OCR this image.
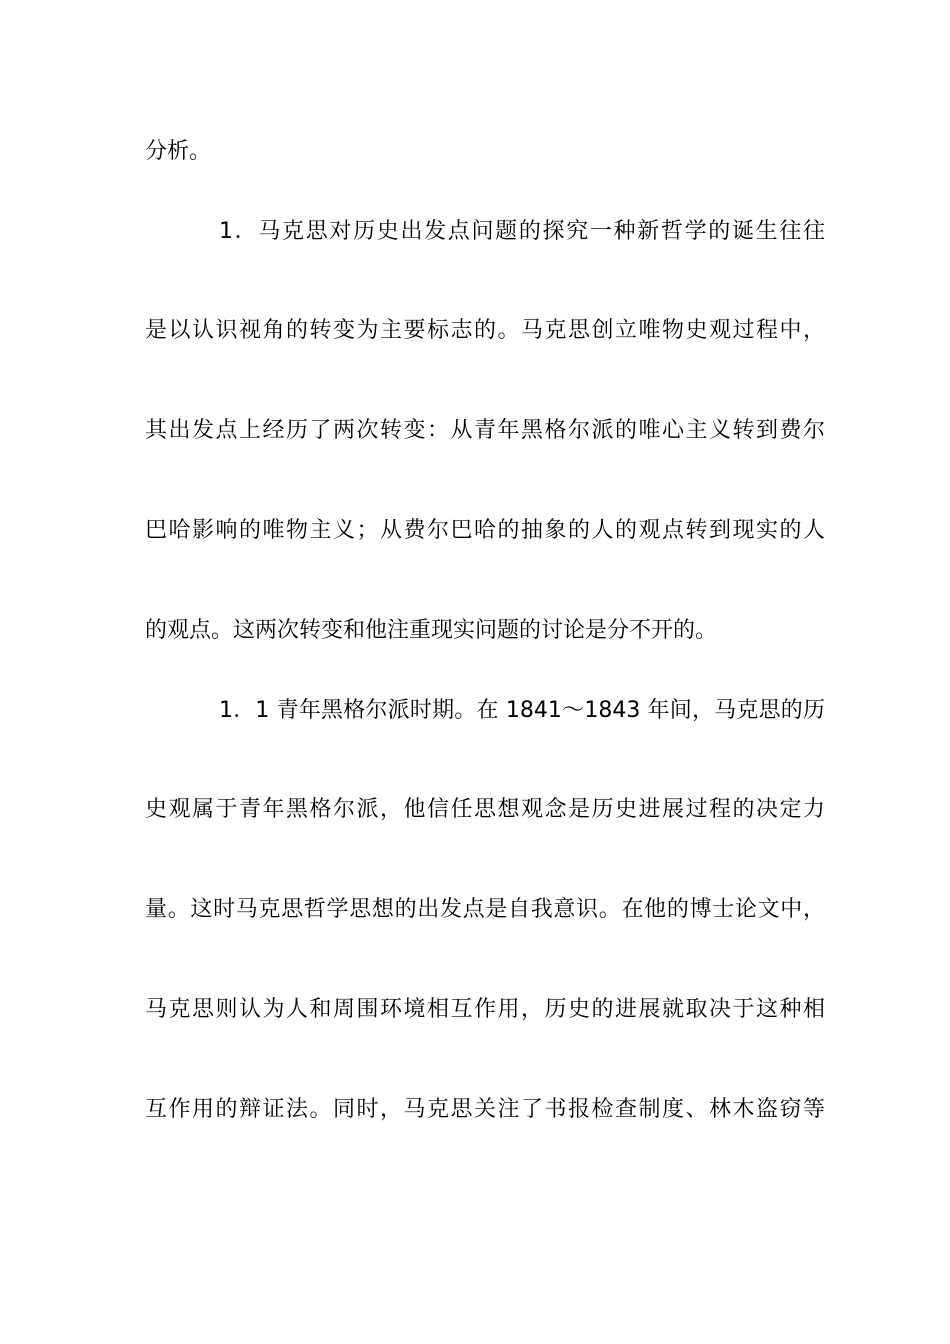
分析。
1．马克思对历史出发点问题的探究一种新哲学的诞生往往
是以认识视角的转变为主要标志的。马克思创立唯物史观过程中，
其出发点上经历了两次转变：从青年黑格尔派的唯心主义转到费尔
巴哈影响的唯物主义；从费尔巴哈的抽象的人的观点转到现实的人
的观点。这两次转变和他注重现实问题的讨论是分不开的。
1．1 青年黑格尔派时期。在 1841～1843 年间，马克思的历
史观属于青年黑格尔派，他信任思想观念是历史进展过程的决定力
量。这时马克思哲学思想的出发点是自我意识。在他的博士论文中，
马克思则认为人和周围环境相互作用，历史的进展就取决于这种相
互作用的辩证法。同时，马克思关注了书报检查制度、林木盗窃等
